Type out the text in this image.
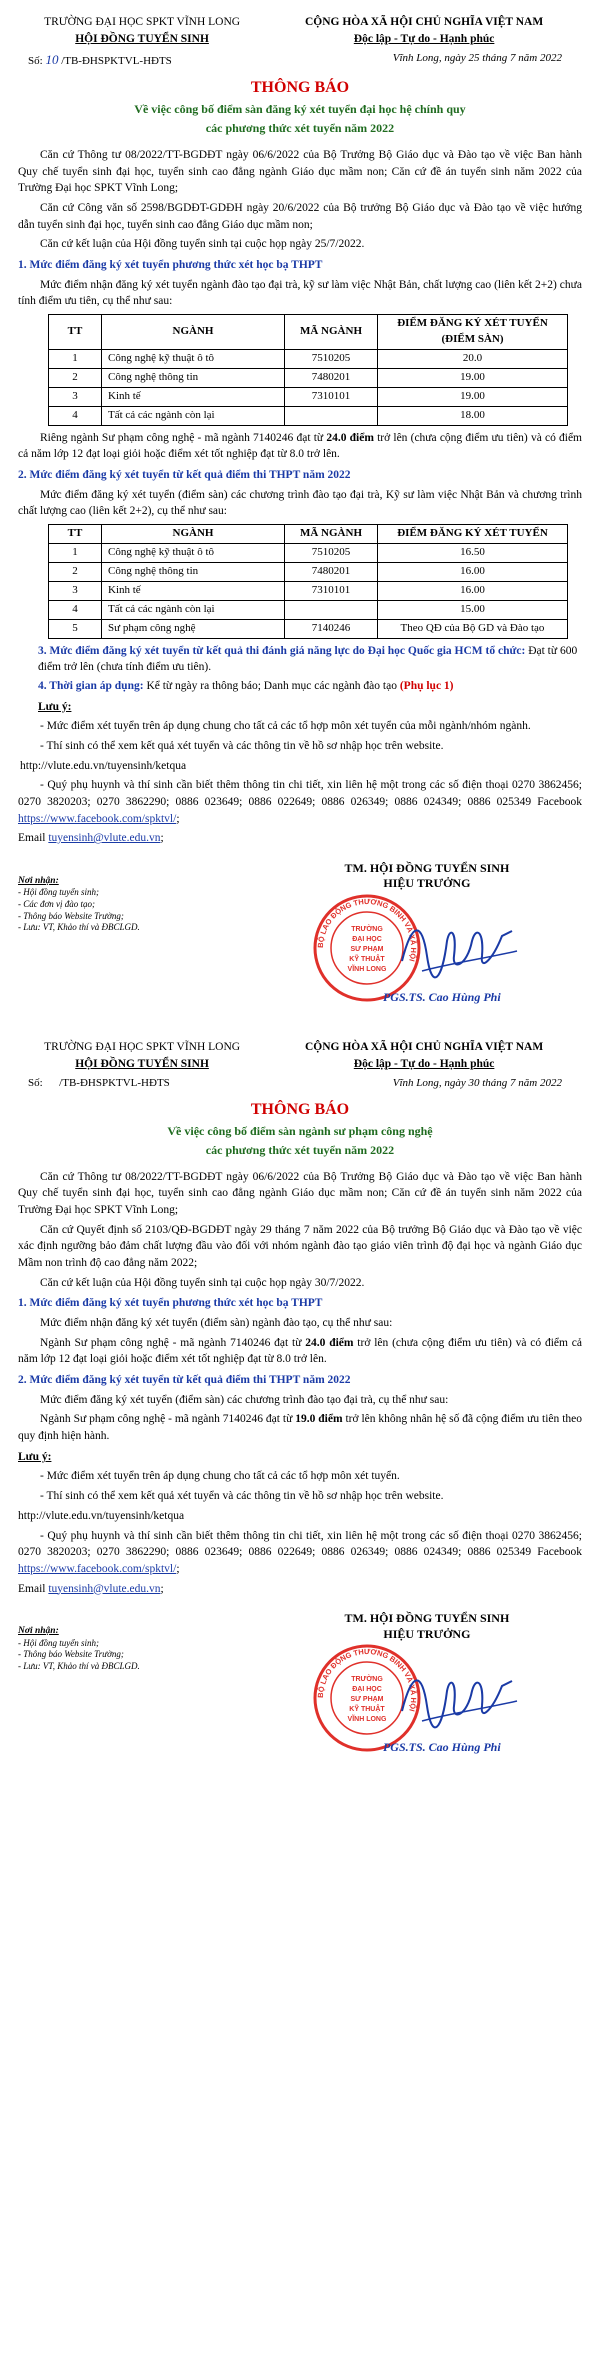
TRƯỜNG ĐẠI HỌC SPKT VĨNH LONG
HỘI ĐỒNG TUYỂN SINH
CỘNG HÒA XÃ HỘI CHỦ NGHĨA VIỆT NAM
Độc lập - Tự do - Hạnh phúc
Số: 10 /TB-ĐHSPKTVL-HĐTS	Vĩnh Long, ngày 25 tháng 7 năm 2022
THÔNG BÁO
Về việc công bố điểm sàn đăng ký xét tuyển đại học hệ chính quy
các phương thức xét tuyển năm 2022

Căn cứ Thông tư 08/2022/TT-BGDĐT ngày 06/6/2022 của Bộ Trưởng Bộ Giáo dục và Đào tạo về việc Ban hành Quy chế tuyển sinh đại học, tuyển sinh cao đẳng ngành Giáo dục mầm non; Căn cứ đề án tuyển sinh năm 2022 của Trường Đại học SPKT Vĩnh Long;

Căn cứ Công văn số 2598/BGDĐT-GDĐH ngày 20/6/2022 của Bộ trưởng Bộ Giáo dục và Đào tạo về việc hướng dẫn tuyển sinh đại học, tuyển sinh cao đẳng Giáo dục mầm non;

Căn cứ kết luận của Hội đồng tuyển sinh tại cuộc họp ngày 25/7/2022.

1. Mức điểm đăng ký xét tuyển phương thức xét học bạ THPT

Mức điểm nhận đăng ký xét tuyển ngành đào tạo đại trà, kỹ sư làm việc Nhật Bản, chất lượng cao (liên kết 2+2) chưa tính điểm ưu tiên, cụ thể như sau:

TT	NGÀNH	MÃ NGÀNH	ĐIỂM ĐĂNG KÝ XÉT TUYỂN (ĐIỂM SÀN)
1	Công nghệ kỹ thuật ô tô	7510205	20.0
2	Công nghệ thông tin	7480201	19.00
3	Kinh tế	7310101	19.00
4	Tất cả các ngành còn lại		18.00

Riêng ngành Sư phạm công nghệ - mã ngành 7140246 đạt từ 24.0 điểm trở lên (chưa cộng điểm ưu tiên) và có điểm cả năm lớp 12 đạt loại giỏi hoặc điểm xét tốt nghiệp đạt từ 8.0 trở lên.

2. Mức điểm đăng ký xét tuyển từ kết quả điểm thi THPT năm 2022

Mức điểm đăng ký xét tuyển (điểm sàn) các chương trình đào tạo đại trà, Kỹ sư làm việc Nhật Bản và chương trình chất lượng cao (liên kết 2+2), cụ thể như sau:

TT	NGÀNH	MÃ NGÀNH	ĐIỂM ĐĂNG KÝ XÉT TUYỂN
1	Công nghệ kỹ thuật ô tô	7510205	16.50
2	Công nghệ thông tin	7480201	16.00
3	Kinh tế	7310101	16.00
4	Tất cả các ngành còn lại		15.00
5	Sư phạm công nghệ	7140246	Theo QĐ của Bộ GD và Đào tạo
3. Mức điểm đăng ký xét tuyển từ kết quả thi đánh giá năng lực do Đại học Quốc gia HCM tổ chức: Đạt từ 600 điểm trở lên (chưa tính điểm ưu tiên).
4. Thời gian áp dụng: Kể từ ngày ra thông báo; Danh mục các ngành đào tạo (Phụ lục 1)
Lưu ý:

- Mức điểm xét tuyển trên áp dụng chung cho tất cả các tổ hợp môn xét tuyển của mỗi ngành/nhóm ngành.

- Thí sinh có thể xem kết quả xét tuyển và các thông tin về hồ sơ nhập học trên website.

http://vlute.edu.vn/tuyensinh/ketqua

- Quý phụ huynh và thí sinh cần biết thêm thông tin chi tiết, xin liên hệ một trong các số điện thoại 0270 3862456; 0270 3820203; 0270 3862290; 0886 023649; 0886 022649; 0886 026349; 0886 024349; 0886 025349 Facebook https://www.facebook.com/spktvl/;

Email tuyensinh@vlute.edu.vn;
Nơi nhận:
- Hội đồng tuyển sinh;
- Các đơn vị đào tạo;
- Thông báo Website Trường;
- Lưu: VT, Khảo thí và ĐBCLGD.
TM. HỘI ĐỒNG TUYỂN SINH
HIỆU TRƯỞNG
BỘ LAO ĐỘNG THƯƠNG BINH VÀ XÃ HỘI
TRƯỜNG
ĐẠI HỌC
SƯ PHẠM
KỸ THUẬT
VĨNH LONG
PGS.TS. Cao Hùng Phi
TRƯỜNG ĐẠI HỌC SPKT VĨNH LONG
HỘI ĐỒNG TUYỂN SINH
CỘNG HÒA XÃ HỘI CHỦ NGHĨA VIỆT NAM
Độc lập - Tự do - Hạnh phúc
Số:      /TB-ĐHSPKTVL-HĐTS	Vĩnh Long, ngày 30 tháng 7 năm 2022
THÔNG BÁO
Về việc công bố điểm sàn ngành sư phạm công nghệ
các phương thức xét tuyển năm 2022

Căn cứ Thông tư 08/2022/TT-BGDĐT ngày 06/6/2022 của Bộ Trưởng Bộ Giáo dục và Đào tạo về việc Ban hành Quy chế tuyển sinh đại học, tuyển sinh cao đẳng ngành Giáo dục mầm non; Căn cứ đề án tuyển sinh năm 2022 của Trường Đại học SPKT Vĩnh Long;

Căn cứ Quyết định số 2103/QĐ-BGDĐT ngày 29 tháng 7 năm 2022 của Bộ trưởng Bộ Giáo dục và Đào tạo về việc xác định ngưỡng bảo đảm chất lượng đầu vào đối với nhóm ngành đào tạo giáo viên trình độ đại học và ngành Giáo dục Mầm non trình độ cao đẳng năm 2022;

Căn cứ kết luận của Hội đồng tuyển sinh tại cuộc họp ngày 30/7/2022.

1. Mức điểm đăng ký xét tuyển phương thức xét học bạ THPT

Mức điểm nhận đăng ký xét tuyển (điểm sàn) ngành đào tạo, cụ thể như sau:

Ngành Sư phạm công nghệ - mã ngành 7140246 đạt từ 24.0 điểm trở lên (chưa cộng điểm ưu tiên) và có điểm cả năm lớp 12 đạt loại giỏi hoặc điểm xét tốt nghiệp đạt từ 8.0 trở lên.

2. Mức điểm đăng ký xét tuyển từ kết quả điểm thi THPT năm 2022

Mức điểm đăng ký xét tuyển (điểm sàn) các chương trình đào tạo đại trà, cụ thể như sau:

Ngành Sư phạm công nghệ - mã ngành 7140246 đạt từ 19.0 điểm trở lên không nhân hệ số đã cộng điểm ưu tiên theo quy định hiện hành.

Lưu ý:

- Mức điểm xét tuyển trên áp dụng chung cho tất cả các tổ hợp môn xét tuyển.

- Thí sinh có thể xem kết quả xét tuyển và các thông tin về hồ sơ nhập học trên website.

http://vlute.edu.vn/tuyensinh/ketqua

- Quý phụ huynh và thí sinh cần biết thêm thông tin chi tiết, xin liên hệ một trong các số điện thoại 0270 3862456; 0270 3820203; 0270 3862290; 0886 023649; 0886 022649; 0886 026349; 0886 024349; 0886 025349 Facebook https://www.facebook.com/spktvl/;

Email tuyensinh@vlute.edu.vn;
Nơi nhận:
- Hội đồng tuyển sinh;
- Thông báo Website Trường;
- Lưu: VT, Khảo thí và ĐBCLGD.
TM. HỘI ĐỒNG TUYỂN SINH
HIỆU TRƯỞNG
BỘ LAO ĐỘNG THƯƠNG BINH VÀ XÃ HỘI
TRƯỜNG
ĐẠI HỌC
SƯ PHẠM
KỸ THUẬT
VĨNH LONG
PGS.TS. Cao Hùng Phi
